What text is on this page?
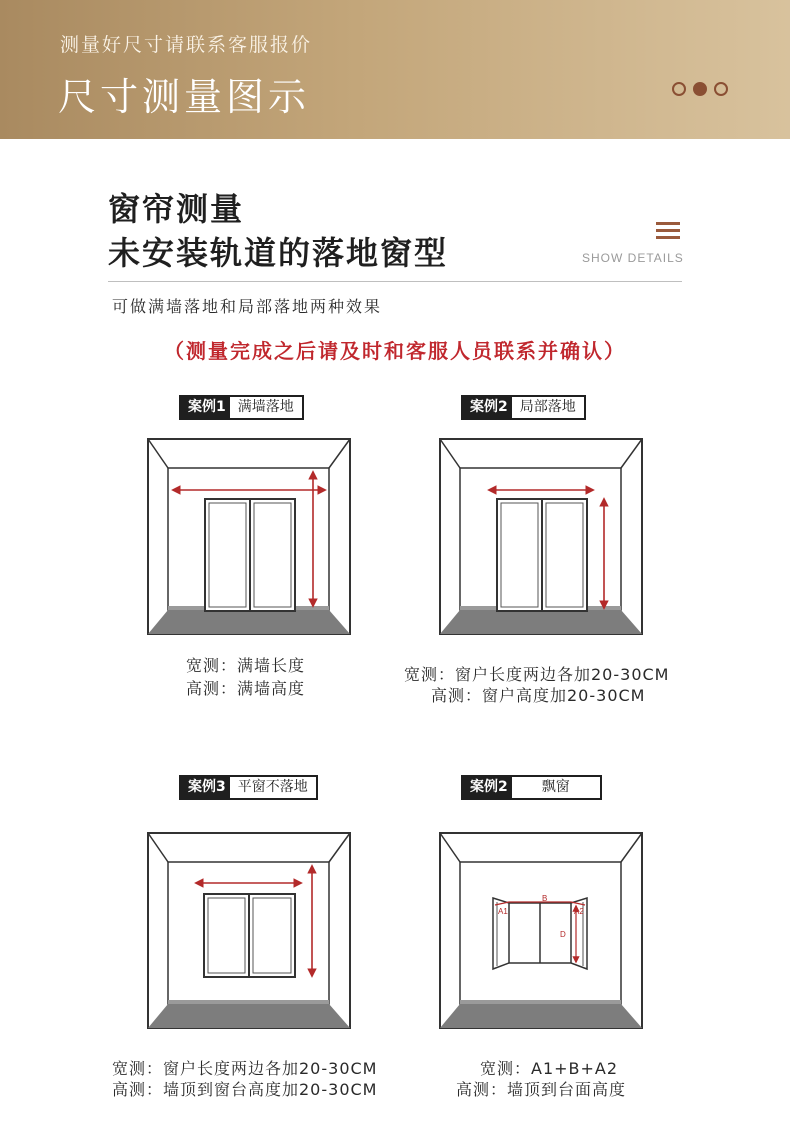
测量好尺寸请联系客服报价
尺寸测量图示
窗帘测量
未安装轨道的落地窗型	SHOW DETAILS
可做满墙落地和局部落地两种效果
（测量完成之后请及时和客服人员联系并确认）
案例1 满墙落地
宽测：满墙长度
高测：满墙高度
案例2 局部落地
宽测：窗户长度两边各加20-30CM
高测：窗户高度加20-30CM
案例3 平窗不落地
宽测：窗户长度两边各加20-30CM
高测：墙顶到窗台高度加20-30CM
案例2	飘窗
B
A1	A2
D
宽测：A1+B+A2
高测：墙顶到台面高度
